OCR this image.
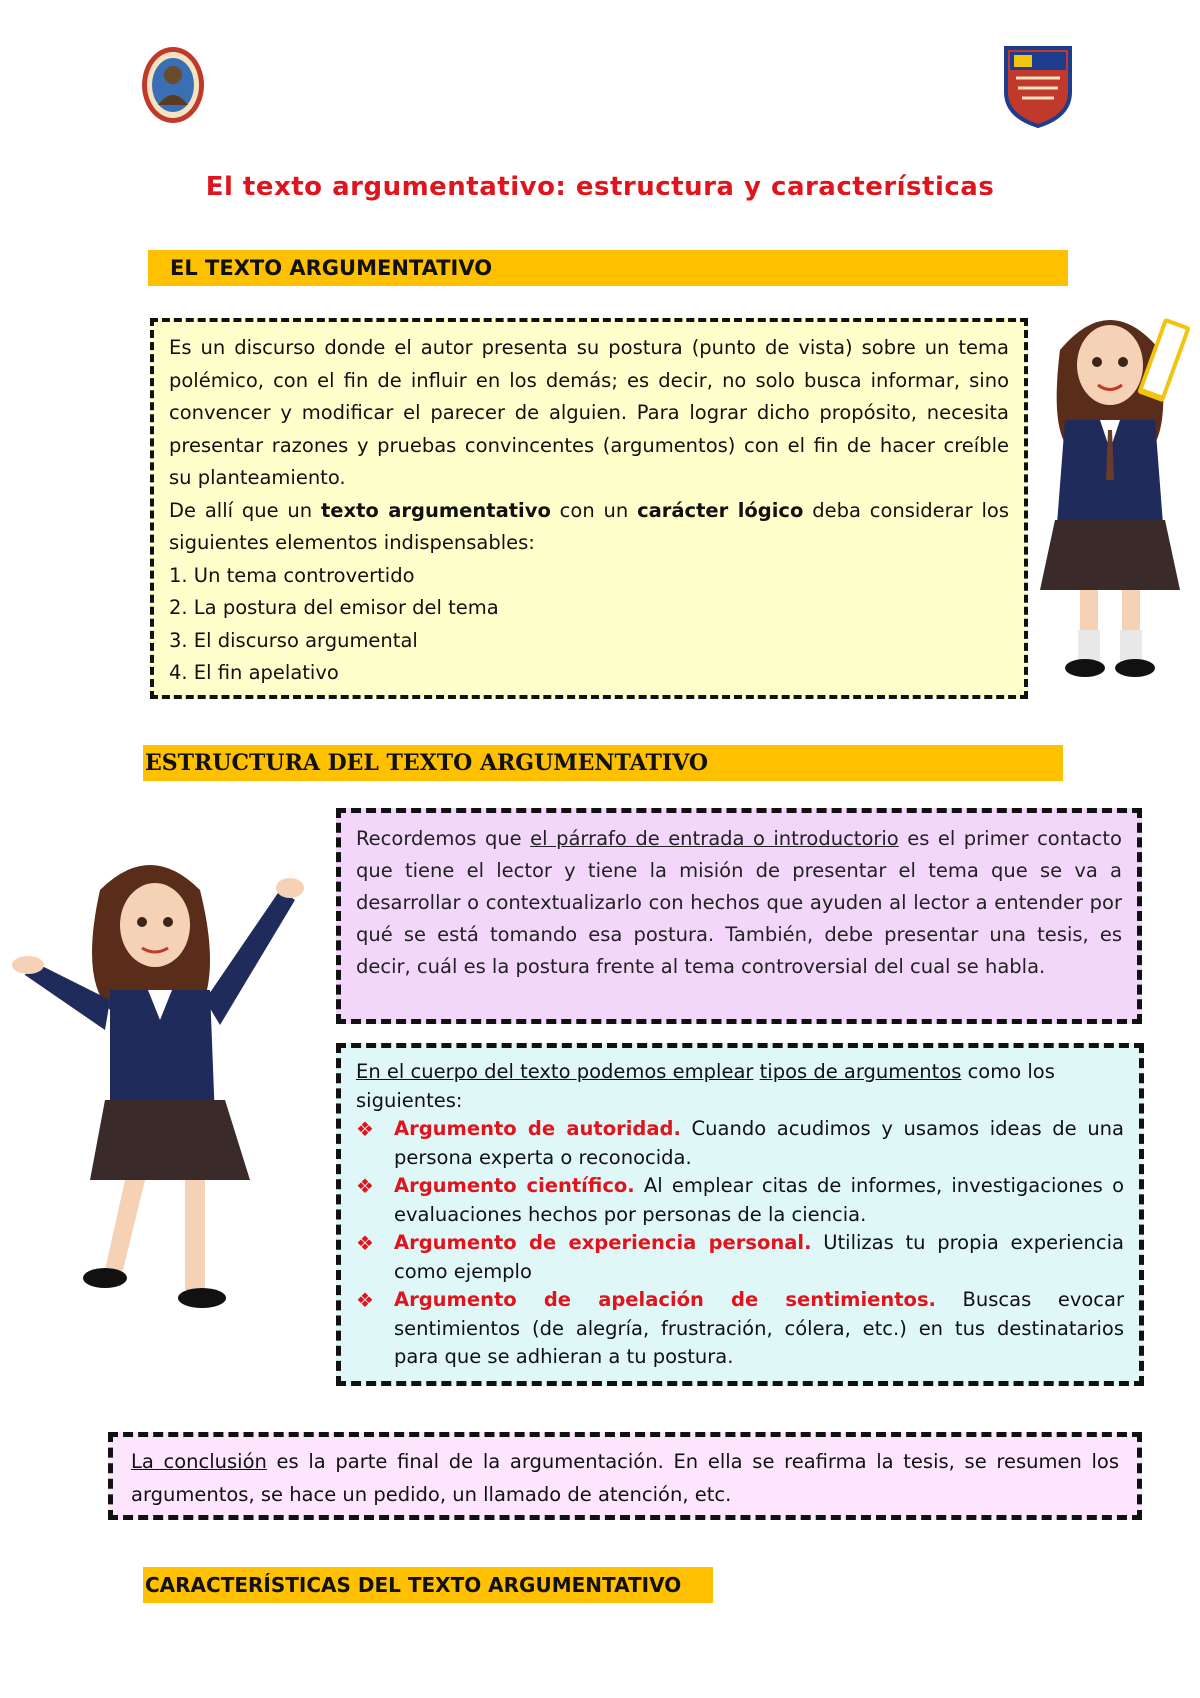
El texto argumentativo: estructura y características
EL TEXTO ARGUMENTATIVO

Es un discurso donde el autor presenta su postura (punto de vista) sobre un tema polémico, con el fin de influir en los demás; es decir, no solo busca informar, sino convencer y modificar el parecer de alguien. Para lograr dicho propósito, necesita presentar razones y pruebas convincentes (argumentos) con el fin de hacer creíble su planteamiento.

De allí que un texto argumentativo con un carácter lógico deba considerar los siguientes elementos indispensables:

1. Un tema controvertido

2. La postura del emisor del tema

3. El discurso argumental

4. El fin apelativo

ESTRUCTURA DEL TEXTO ARGUMENTATIVO

Recordemos que el párrafo de entrada o introductorio es el primer contacto que tiene el lector y tiene la misión de presentar el tema que se va a desarrollar o contextualizarlo con hechos que ayuden al lector a entender por qué se está tomando esa postura. También, debe presentar una tesis, es decir, cuál es la postura frente al tema controversial del cual se habla.

En el cuerpo del texto podemos emplear tipos de argumentos como los siguientes:

❖	Argumento de autoridad. Cuando acudimos y usamos ideas de una persona experta o reconocida.
❖	Argumento científico. Al emplear citas de informes, investigaciones o evaluaciones hechos por personas de la ciencia.
❖	Argumento de experiencia personal. Utilizas tu propia experiencia como ejemplo
❖	Argumento de apelación de sentimientos. Buscas evocar sentimientos (de alegría, frustración, cólera, etc.) en tus destinatarios para que se adhieran a tu postura.

La conclusión es la parte final de la argumentación. En ella se reafirma la tesis, se resumen los argumentos, se hace un pedido, un llamado de atención, etc.

CARACTERÍSTICAS DEL TEXTO ARGUMENTATIVO
